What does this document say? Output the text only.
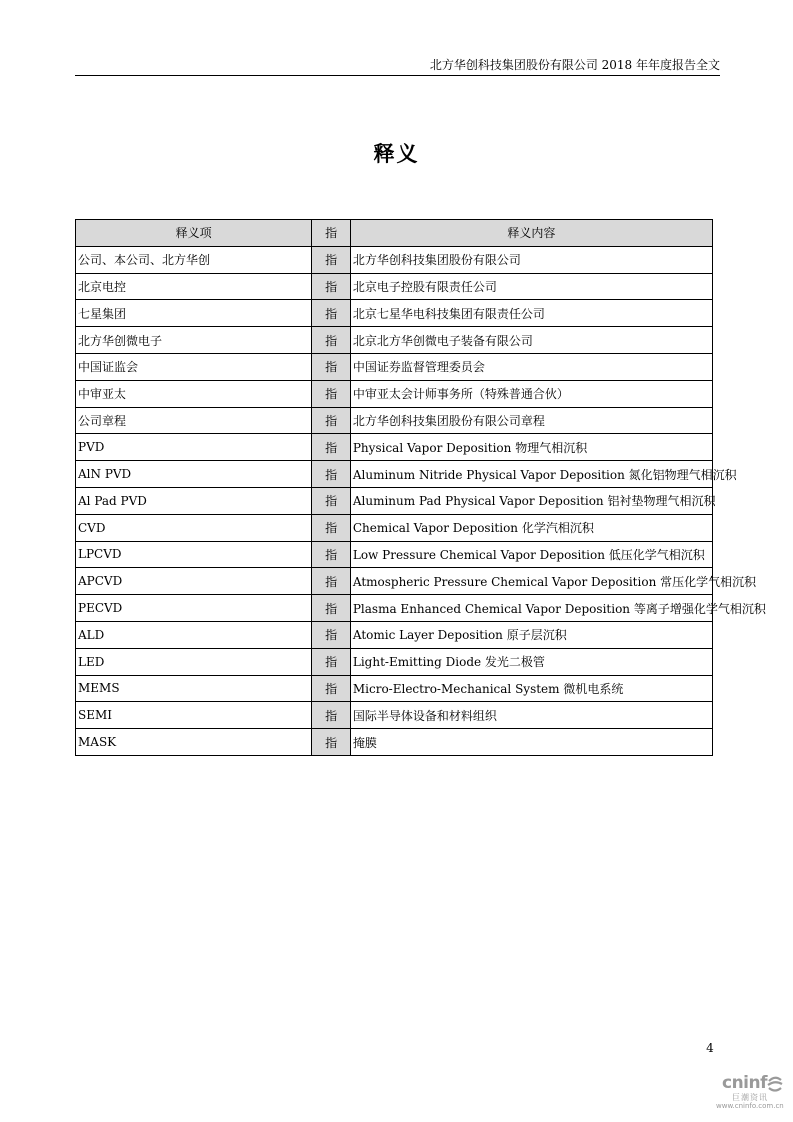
北方华创科技集团股份有限公司 2018 年年度报告全文
释义
释义项	指	释义内容
公司、本公司、北方华创	指	北方华创科技集团股份有限公司
北京电控	指	北京电子控股有限责任公司
七星集团	指	北京七星华电科技集团有限责任公司
北方华创微电子	指	北京北方华创微电子装备有限公司
中国证监会	指	中国证券监督管理委员会
中审亚太	指	中审亚太会计师事务所（特殊普通合伙）
公司章程	指	北方华创科技集团股份有限公司章程
PVD	指	Physical Vapor Deposition 物理气相沉积
AlN PVD	指	Aluminum Nitride Physical Vapor Deposition 氮化铝物理气相沉积
Al Pad PVD	指	Aluminum Pad Physical Vapor Deposition 铝衬垫物理气相沉积
CVD	指	Chemical Vapor Deposition 化学汽相沉积
LPCVD	指	Low Pressure Chemical Vapor Deposition 低压化学气相沉积
APCVD	指	Atmospheric Pressure Chemical Vapor Deposition 常压化学气相沉积
PECVD	指	Plasma Enhanced Chemical Vapor Deposition 等离子增强化学气相沉积
ALD	指	Atomic Layer Deposition 原子层沉积
LED	指	Light-Emitting Diode 发光二极管
MEMS	指	Micro-Electro-Mechanical System 微机电系统
SEMI	指	国际半导体设备和材料组织
MASK	指	掩膜
4
cninf
巨潮资讯
www.cninfo.com.cn
